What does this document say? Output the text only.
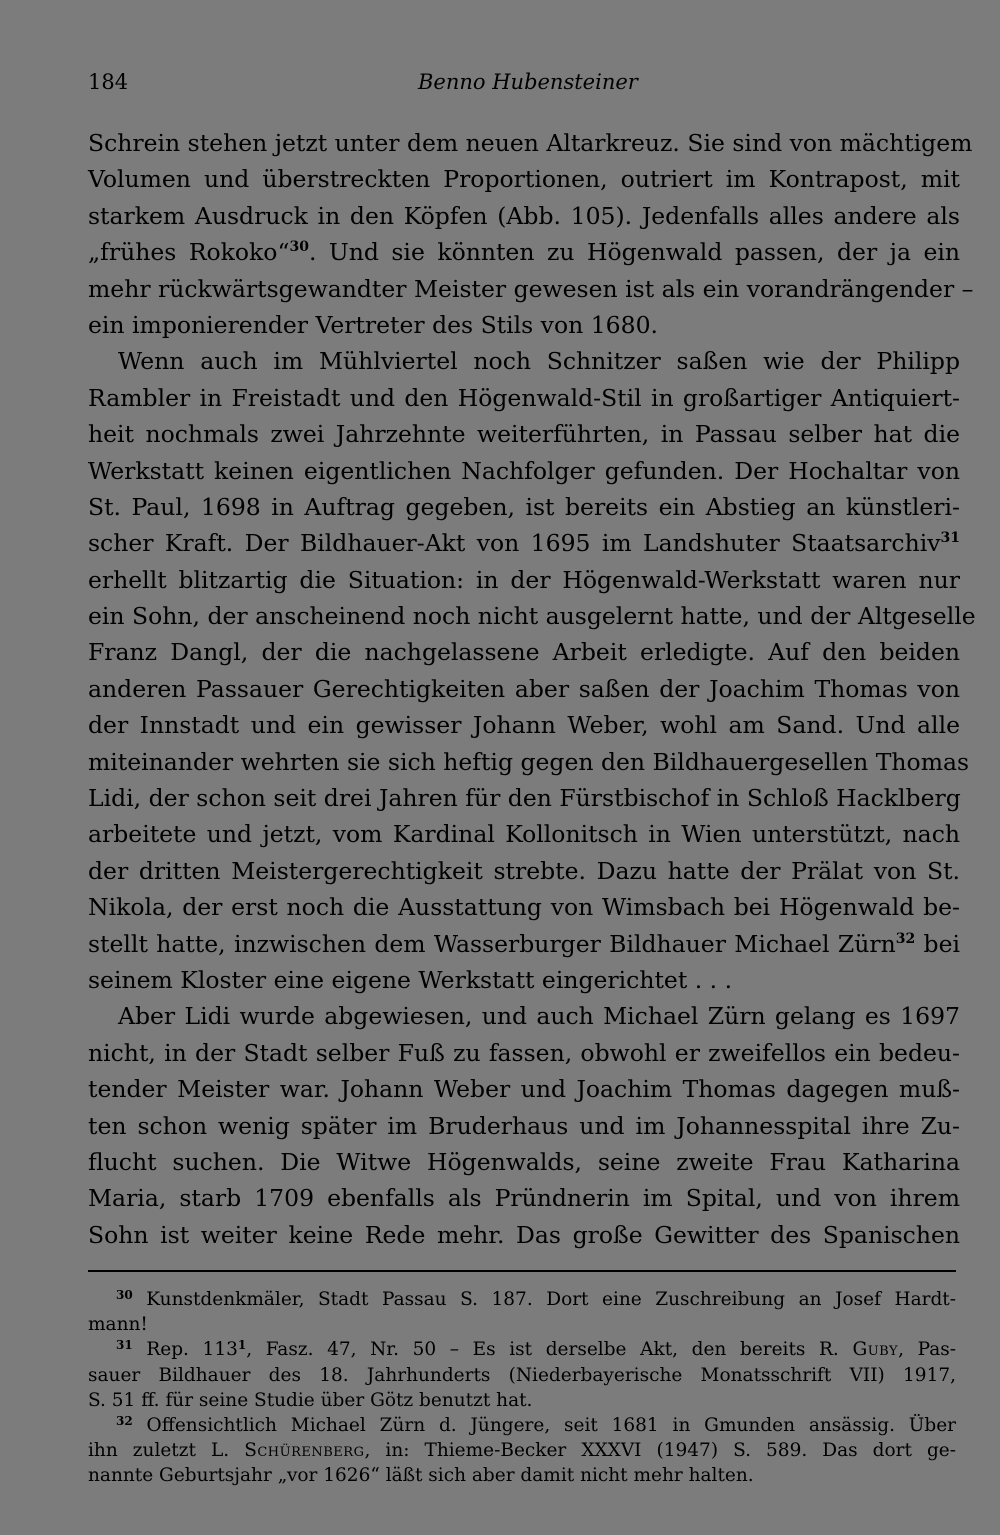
184	Benno Hubensteiner
Schrein stehen jetzt unter dem neuen Altarkreuz. Sie sind von mächtigem
Volumen und überstreckten Proportionen, outriert im Kontrapost, mit
starkem Ausdruck in den Köpfen (Abb. 105). Jedenfalls alles andere als
„frühes Rokoko“$^{30}$. Und sie könnten zu Högenwald passen, der ja ein
mehr rückwärtsgewandter Meister gewesen ist als ein vorandrängender –
ein imponierender Vertreter des Stils von 1680.
Wenn auch im Mühlviertel noch Schnitzer saßen wie der Philipp
Rambler in Freistadt und den Högenwald-Stil in großartiger Antiquiert-
heit nochmals zwei Jahrzehnte weiterführten, in Passau selber hat die
Werkstatt keinen eigentlichen Nachfolger gefunden. Der Hochaltar von
St. Paul, 1698 in Auftrag gegeben, ist bereits ein Abstieg an künstleri-
scher Kraft. Der Bildhauer-Akt von 1695 im Landshuter Staatsarchiv$^{31}$
erhellt blitzartig die Situation: in der Högenwald-Werkstatt waren nur
ein Sohn, der anscheinend noch nicht ausgelernt hatte, und der Altgeselle
Franz Dangl, der die nachgelassene Arbeit erledigte. Auf den beiden
anderen Passauer Gerechtigkeiten aber saßen der Joachim Thomas von
der Innstadt und ein gewisser Johann Weber, wohl am Sand. Und alle
miteinander wehrten sie sich heftig gegen den Bildhauergesellen Thomas
Lidi, der schon seit drei Jahren für den Fürstbischof in Schloß Hacklberg
arbeitete und jetzt, vom Kardinal Kollonitsch in Wien unterstützt, nach
der dritten Meistergerechtigkeit strebte. Dazu hatte der Prälat von St.
Nikola, der erst noch die Ausstattung von Wimsbach bei Högenwald be-
stellt hatte, inzwischen dem Wasserburger Bildhauer Michael Zürn$^{32}$ bei
seinem Kloster eine eigene Werkstatt eingerichtet . . .
Aber Lidi wurde abgewiesen, und auch Michael Zürn gelang es 1697
nicht, in der Stadt selber Fuß zu fassen, obwohl er zweifellos ein bedeu-
tender Meister war. Johann Weber und Joachim Thomas dagegen muß-
ten schon wenig später im Bruderhaus und im Johannesspital ihre Zu-
flucht suchen. Die Witwe Högenwalds, seine zweite Frau Katharina
Maria, starb 1709 ebenfalls als Pründnerin im Spital, und von ihrem
Sohn ist weiter keine Rede mehr. Das große Gewitter des Spanischen
$^{30}$ Kunstdenkmäler, Stadt Passau S. 187. Dort eine Zuschreibung an Josef Hardt-
mann!
$^{31}$ Rep. 113$^1$, Fasz. 47, Nr. 50 – Es ist derselbe Akt, den bereits R. Guby, Pas-
sauer Bildhauer des 18. Jahrhunderts (Niederbayerische Monatsschrift VII) 1917,
S. 51 ff. für seine Studie über Götz benutzt hat.
$^{32}$ Offensichtlich Michael Zürn d. Jüngere, seit 1681 in Gmunden ansässig. Über
ihn zuletzt L. Schürenberg, in: Thieme-Becker XXXVI (1947) S. 589. Das dort ge-
nannte Geburtsjahr „vor 1626“ läßt sich aber damit nicht mehr halten.
